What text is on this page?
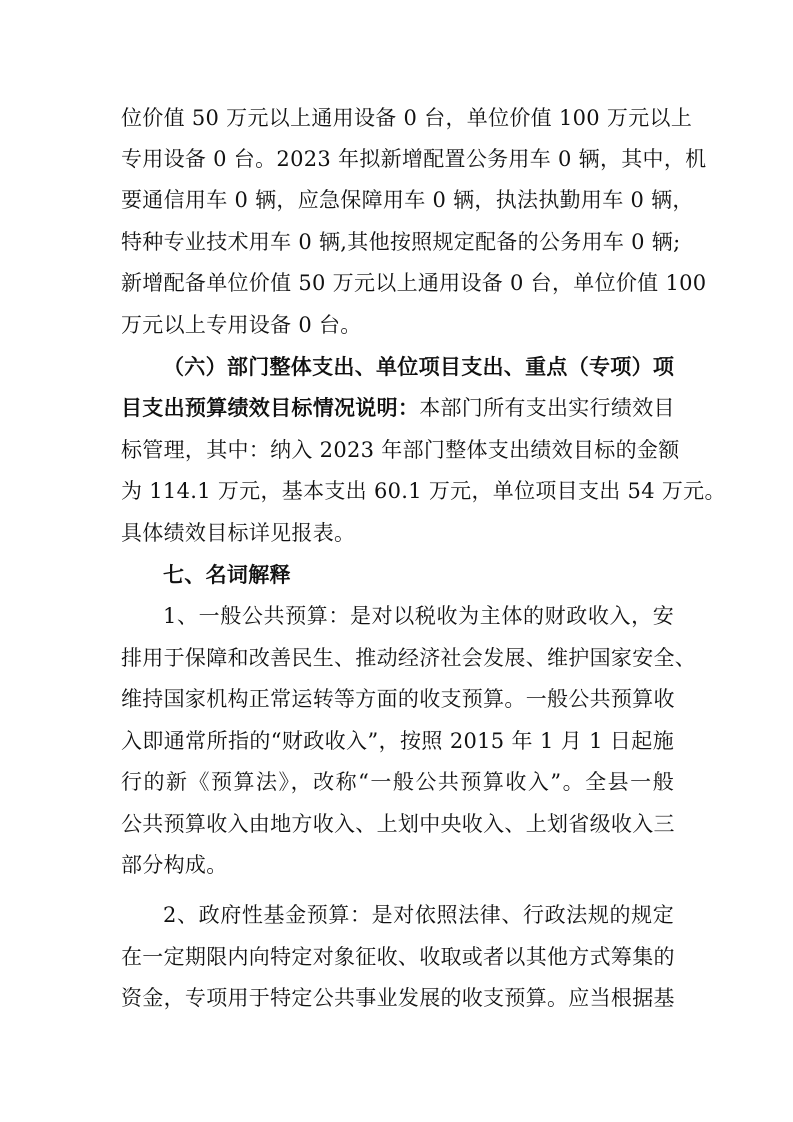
位价值 50 万元以上通用设备 0 台，单位价值 100 万元以上
专用设备 0 台。2023 年拟新增配置公务用车 0 辆，其中，机
要通信用车 0 辆，应急保障用车 0 辆，执法执勤用车 0 辆，
特种专业技术用车 0 辆,其他按照规定配备的公务用车 0 辆;
新增配备单位价值 50 万元以上通用设备 0 台，单位价值 100
万元以上专用设备 0 台。
（六）部门整体支出、单位项目支出、重点（专项）项
目支出预算绩效目标情况说明：本部门所有支出实行绩效目
标管理，其中：纳入 2023 年部门整体支出绩效目标的金额
为 114.1 万元，基本支出 60.1 万元，单位项目支出 54 万元。
具体绩效目标详见报表。
七、名词解释
1、一般公共预算：是对以税收为主体的财政收入，安
排用于保障和改善民生、推动经济社会发展、维护国家安全、
维持国家机构正常运转等方面的收支预算。一般公共预算收
入即通常所指的“财政收入”，按照 2015 年 1 月 1 日起施
行的新《预算法》，改称“一般公共预算收入”。全县一般
公共预算收入由地方收入、上划中央收入、上划省级收入三
部分构成。
2、政府性基金预算：是对依照法律、行政法规的规定
在一定期限内向特定对象征收、收取或者以其他方式筹集的
资金，专项用于特定公共事业发展的收支预算。应当根据基
